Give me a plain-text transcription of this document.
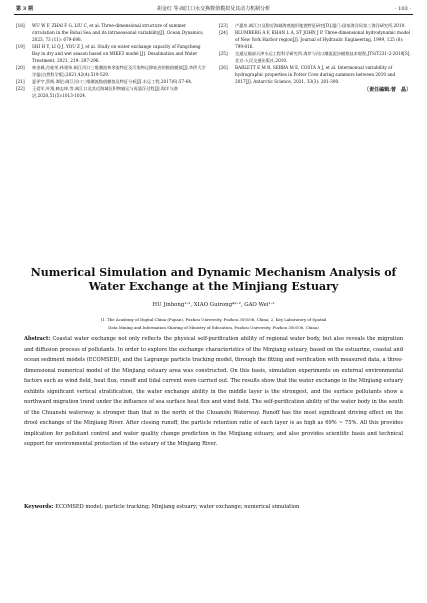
第 3 期	胡金红 等:闽江口水交换数值模拟及其动力机制分析	· 103 ·
[18] WU W F, ZHAI F G, LIU C, et al. Three-dimensional structure of summer circulation in the Bohai Sea and its intraseasonal variability[J]. Ocean Dynamics, 2023, 73 (11): 679-698.
[19] SHI H Y, LI Q J, YOU Z J, et al. Study on water exchange capacity of Fangcheng Bay in dry and wet season based on MIKE3 model [J]. Desalination and Water Treatment, 2021, 219: 287-296.
[20] 林金城,肖桂荣,林建伟.闽江河口三维潮流和余流特征及污染物运移轨迹的数值模拟[J].华侨大学学报(自然科学版),2021,42(4):519-529.
[21] 夏评宇,蔡辉,谭论.闽江河口三维潮流数值模拟及特征分析[J].水运工程,2017(6):57-64.
[22] 王爱军,叶翔,赖志坤,等.闽江口及其近海域沉积物输运与再悬浮过程[J].海洋与湖沼,2020,51(5):1013-1024.
[23] 卢惠泉.闽江口及附近海域海底地形地貌特征研究[D].厦门:国家海洋局第三海洋研究所,2010.
[24] BLUMBERG A F, KHAN L A, ST JOHN J P. Three-dimensional hydrodynamic model of New York Harbor region[J]. Journal of Hydraulic Engineering, 1999, 125 (8): 799-816.
[25] 交通运输部天津水运工程科学研究所.海岸与河口潮流泥沙模拟技术规程:JTS/T231-2-2010[S].北京:人民交通出版社,2010.
[26] BARLETT E M R, SERRA M E, COSTA A J, et al. Intermonual variability of hydrographic properties in Potter Cove during summers between 2010 and 2017[J]. Antarctic Science, 2021, 33(3): 281-300.
〔责任编辑:曾　晶〕
Numerical Simulation and Dynamic Mechanism Analysis of Water Exchange at the Minjiang Estuary
HU Jinhong¹·², XIAO Guirong*¹·², GAO Wei¹·²
(1. The Academy of Digital China (Fujian), Fuzhou University, Fuzhou 350108, China; 2. Key Laboratory of Spatial
Data Mining and Information Sharing of Ministry of Education, Fuzhou University, Fuzhou 350108, China)
Abstract: Coastal water exchange not only reflects the physical self-purification ability of regional water body, but also reveals the migration and diffusion process of pollutants. In order to explore the exchange characteristics of the Minjiang estuary, based on the estuarine, coastal and ocean sediment models (ECOMSED), and the Lagrange particle tracking model, through the fitting and verification with measured data, a three-dimensional numerical model of the Minjiang estuary area was constructed. On this basis, simulation experiments on external environmental factors such as wind field, heat flux, runoff and tidal current were carried out. The results show that the water exchange in the Minjiang estuary exhibits significant vertical stratification, the water exchange ability in the middle layer is the strongest, and the surface pollutants show a northward migration trend under the influence of sea surface heat flux and wind field. The self-purification ability of the water body in the south of the Chuanshi waterway is stronger than that in the north of the Chuanshi Waterway. Runoff has the most significant driving effect on the drool exchange of the Minjiang River. After closing runoff, the particle retention ratio of each layer is as high as 69% ~ 75%. All this provides implication for pollutant control and water quality change prediction in the Minjiang estuary, and also provides scientific basis and technical support for environmental protection of the estuary of the Minjiang River.
Keywords: ECOMSED model; particle tracking; Minjiang estuary; water exchange; numerical simulation
